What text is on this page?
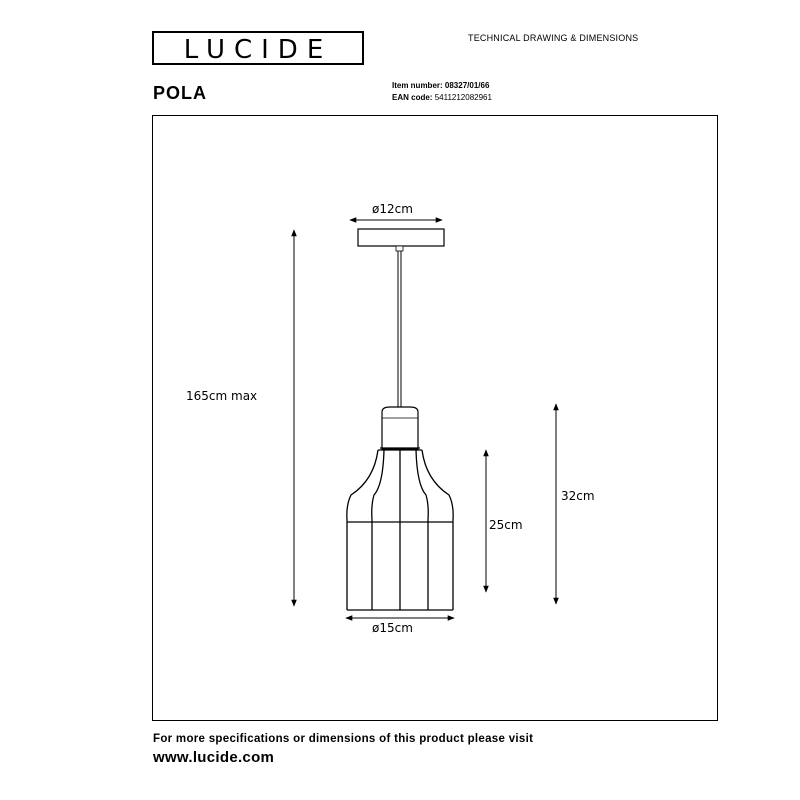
LUCIDE	TECHNICAL DRAWING & DIMENSIONS
POLA	Item number: 08327/01/66
EAN code: 5411212082961
ø12cm
ø15cm
165cm max
25cm
32cm
For more specifications or dimensions of this product please visit
www.lucide.com
